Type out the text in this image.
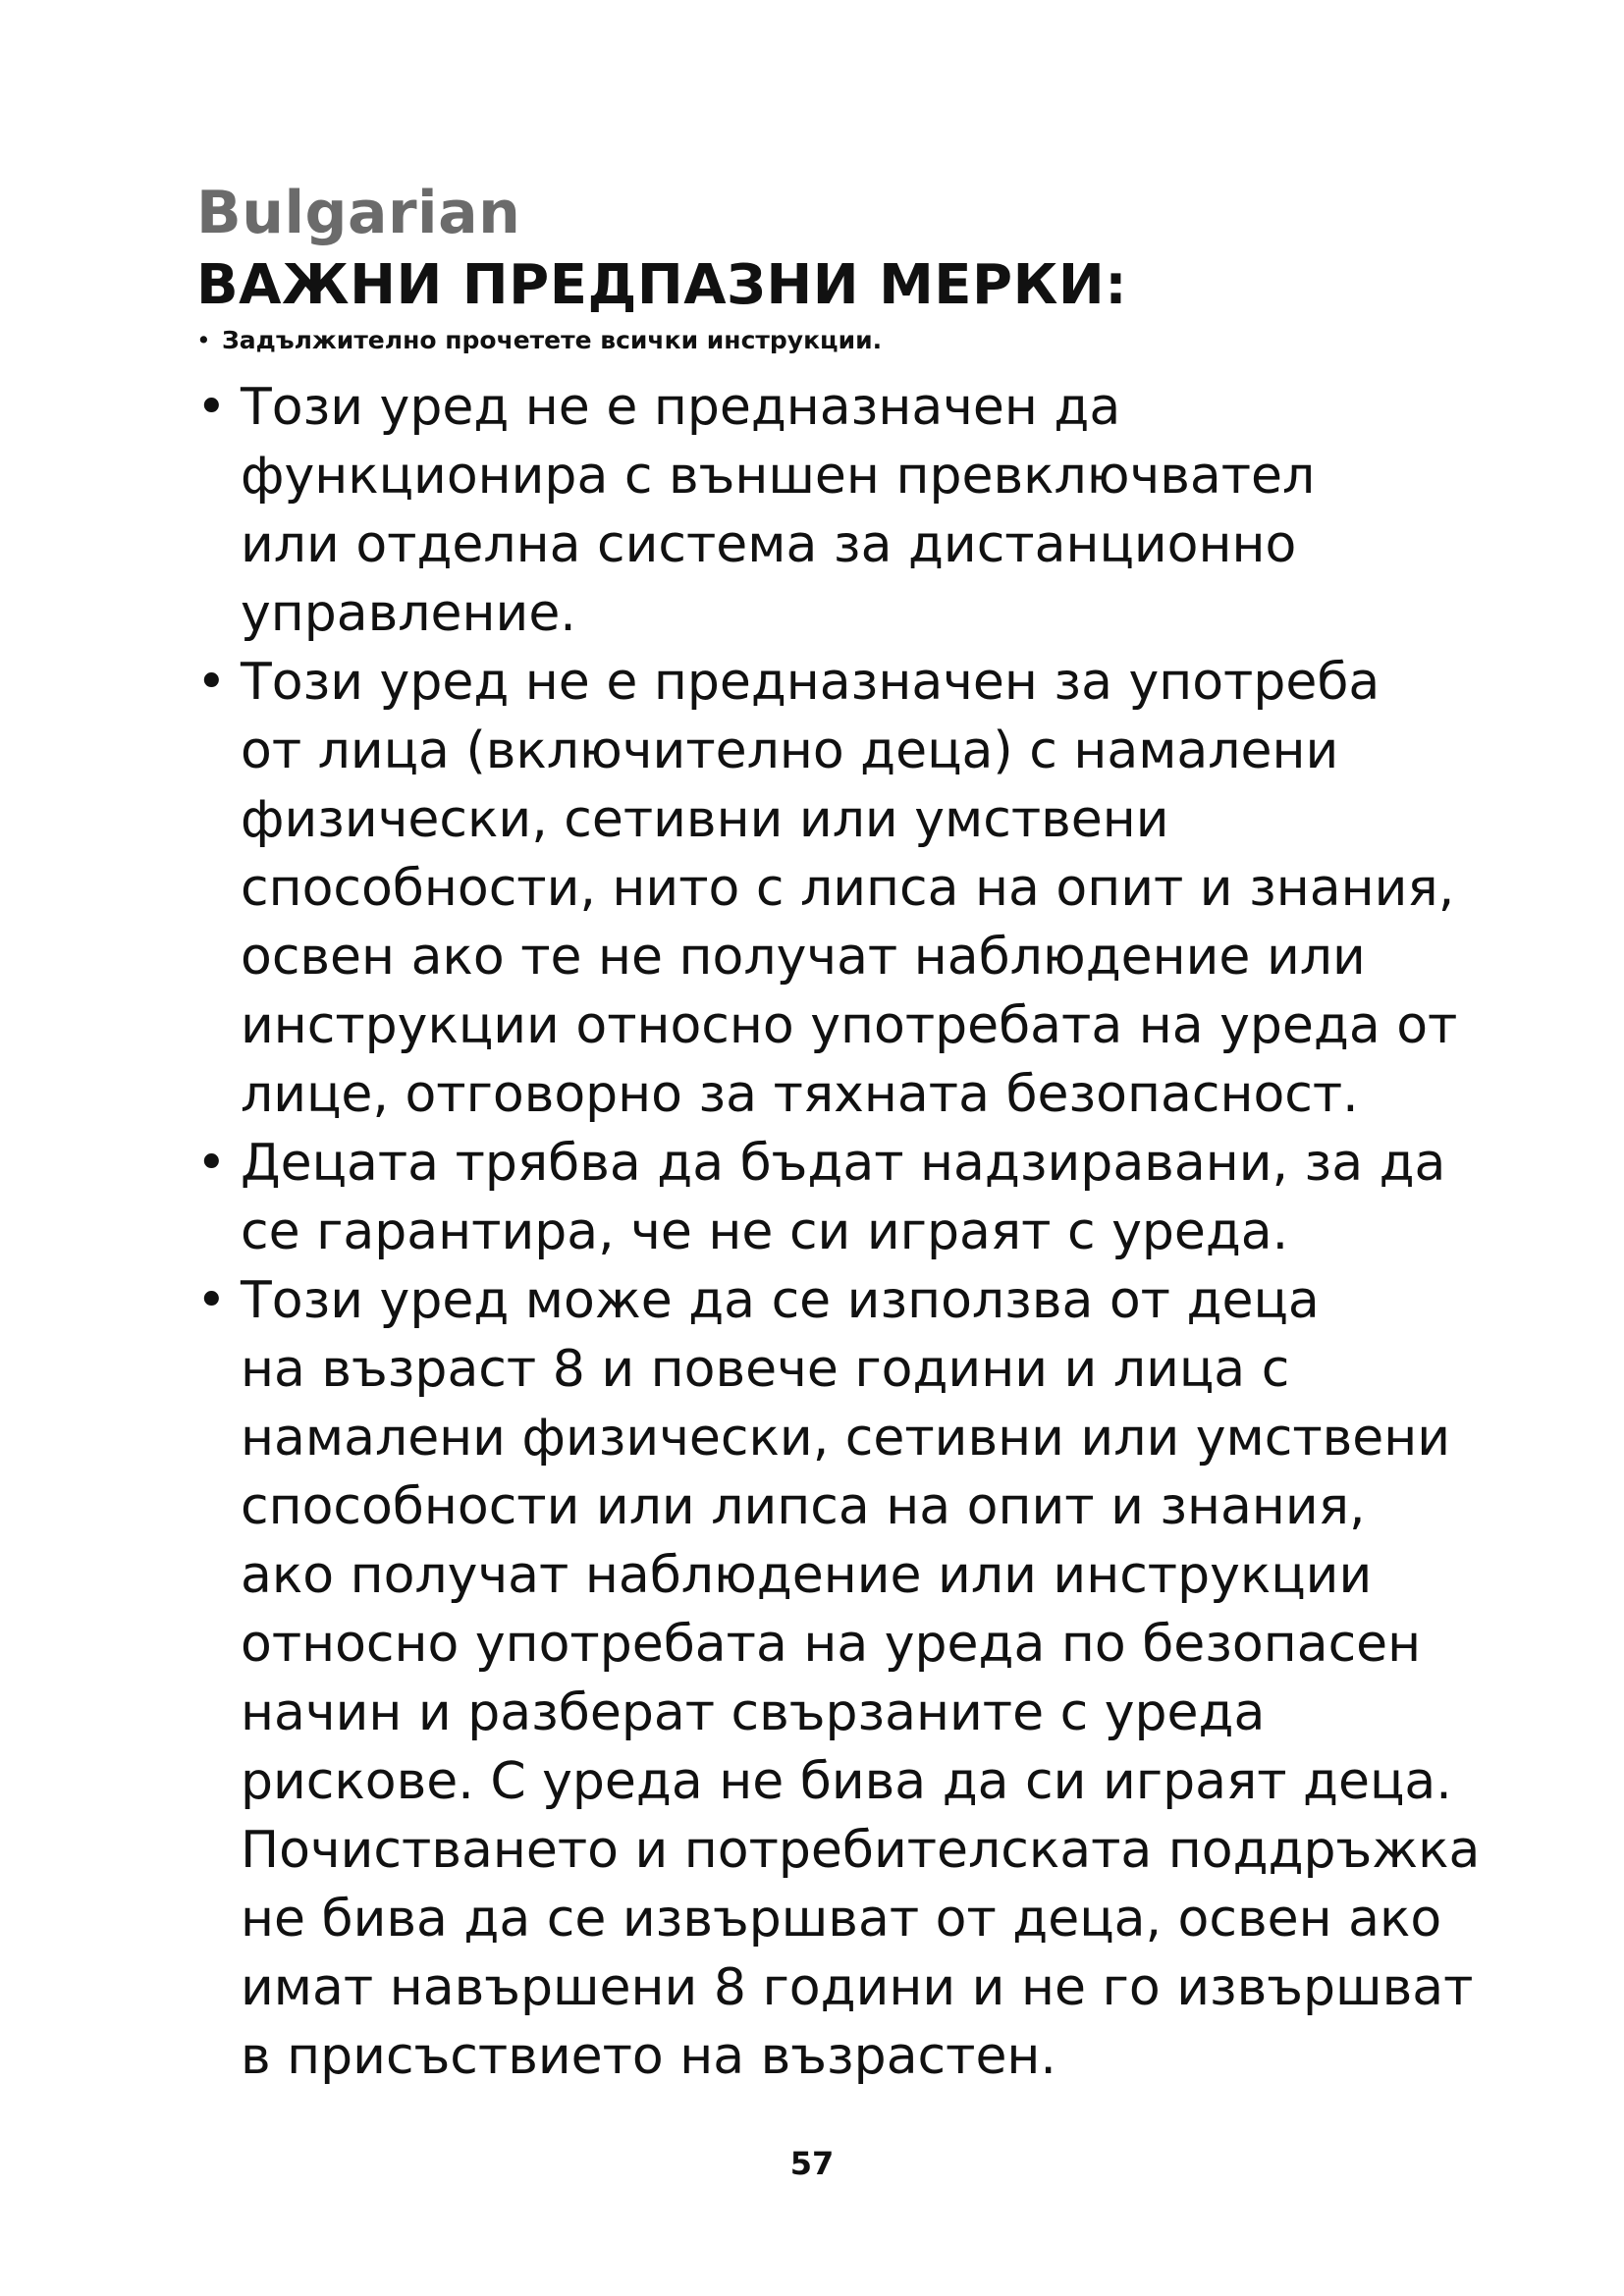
Bulgarian

ВАЖНИ ПРЕДПАЗНИ МЕРКИ:

• Задължително прочетете всички инструкции.

• Този уред не е предназначен да
функционира с външен превключвател
или отделна система за дистанционно
управление.
• Този уред не е предназначен за употреба
от лица (включително деца) с намалени
физически, сетивни или умствени
способности, нито с липса на опит и знания,
освен ако те не получат наблюдение или
инструкции относно употребата на уреда от
лице, отговорно за тяхната безопасност.
• Децата трябва да бъдат надзиравани, за да
се гарантира, че не си играят с уреда.
• Този уред може да се използва от деца
на възраст 8 и повече години и лица с
намалени физически, сетивни или умствени
способности или липса на опит и знания,
ако получат наблюдение или инструкции
относно употребата на уреда по безопасен
начин и разберат свързаните с уреда
рискове. С уреда не бива да си играят деца.
Почистването и потребителската поддръжка
не бива да се извършват от деца, освен ако
имат навършени 8 години и не го извършват
в присъствието на възрастен.
57
